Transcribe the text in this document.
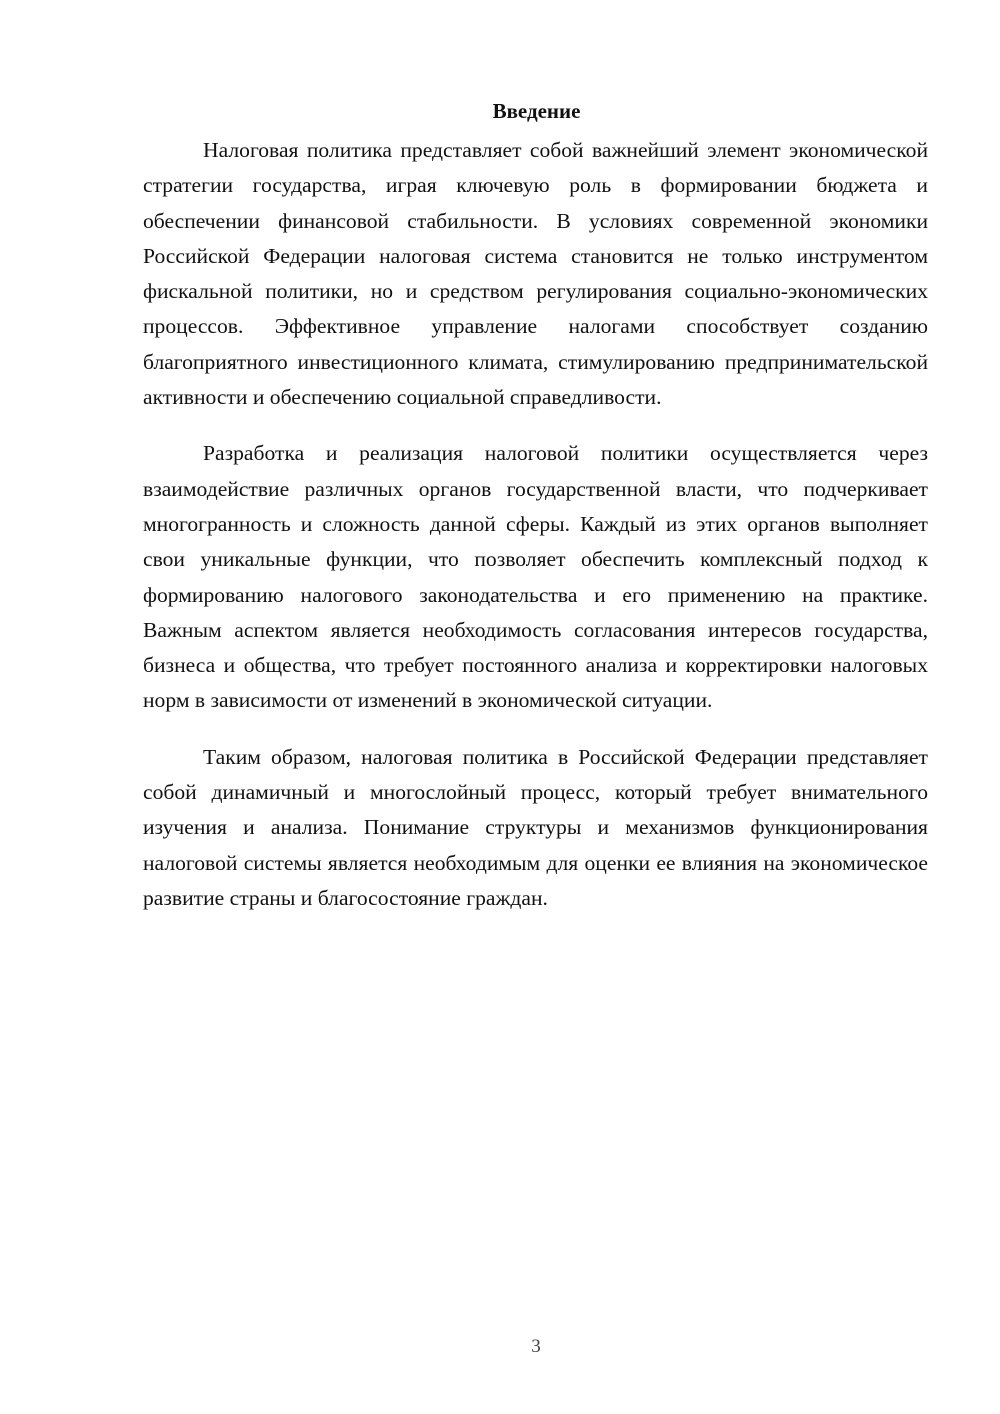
Введение

Налоговая политика представляет собой важнейший элемент экономической стратегии государства, играя ключевую роль в формировании бюджета и обеспечении финансовой стабильности. В условиях современной экономики Российской Федерации налоговая система становится не только инструментом фискальной политики, но и средством регулирования социально-экономических процессов. Эффективное управление налогами способствует созданию благоприятного инвестиционного климата, стимулированию предпринимательской активности и обеспечению социальной справедливости.

Разработка и реализация налоговой политики осуществляется через взаимодействие различных органов государственной власти, что подчеркивает многогранность и сложность данной сферы. Каждый из этих органов выполняет свои уникальные функции, что позволяет обеспечить комплексный подход к формированию налогового законодательства и его применению на практике. Важным аспектом является необходимость согласования интересов государства, бизнеса и общества, что требует постоянного анализа и корректировки налоговых норм в зависимости от изменений в экономической ситуации.

Таким образом, налоговая политика в Российской Федерации представляет собой динамичный и многослойный процесс, который требует внимательного изучения и анализа. Понимание структуры и механизмов функционирования налоговой системы является необходимым для оценки ее влияния на экономическое развитие страны и благосостояние граждан.

3
